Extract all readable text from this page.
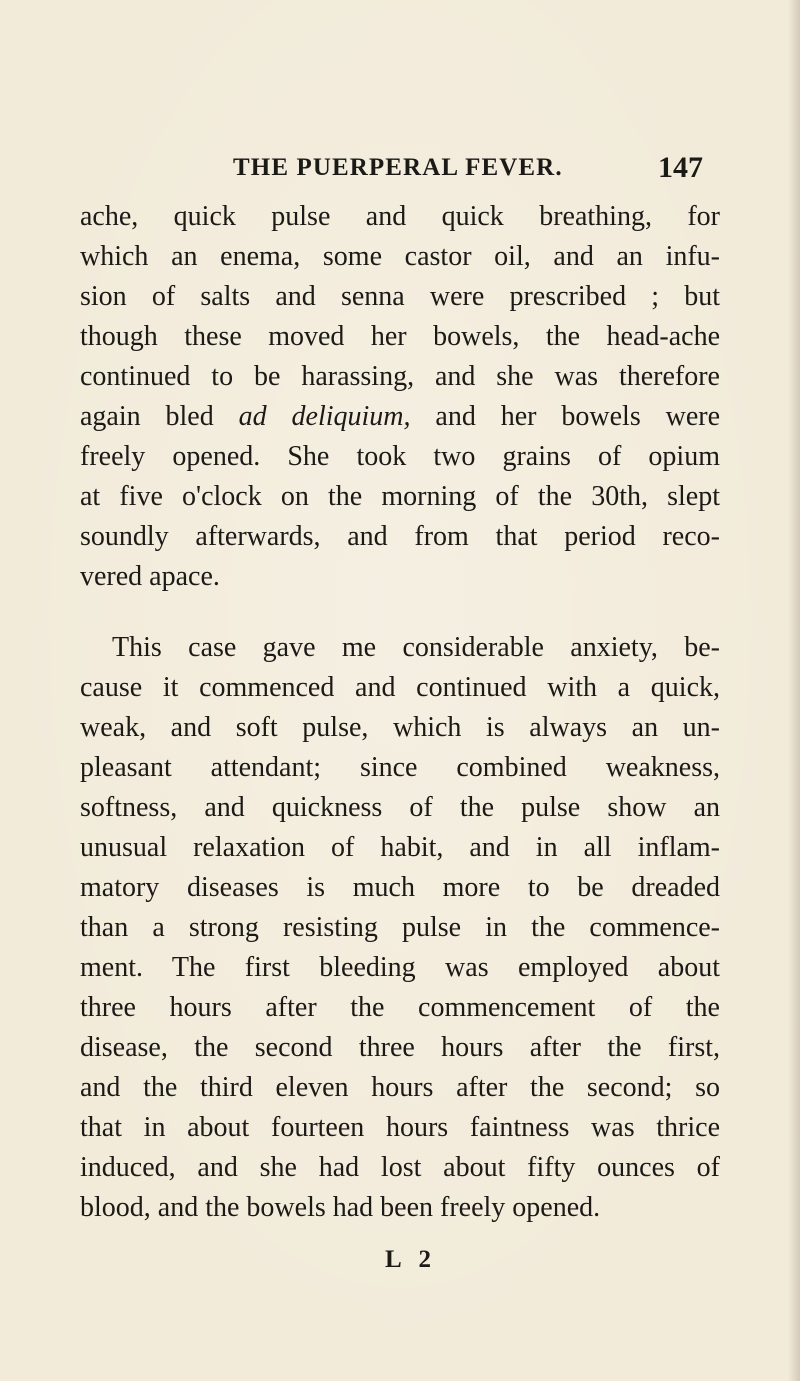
THE PUERPERAL FEVER.	147
ache, quick pulse and quick breathing, for
which an enema, some castor oil, and an infu-
sion of salts and senna were prescribed ; but
though these moved her bowels, the head-ache
continued to be harassing, and she was therefore
again bled ad deliquium, and her bowels were
freely opened. She took two grains of opium
at five o'clock on the morning of the 30th, slept
soundly afterwards, and from that period reco-
vered apace.
This case gave me considerable anxiety, be-
cause it commenced and continued with a quick,
weak, and soft pulse, which is always an un-
pleasant attendant; since combined weakness,
softness, and quickness of the pulse show an
unusual relaxation of habit, and in all inflam-
matory diseases is much more to be dreaded
than a strong resisting pulse in the commence-
ment. The first bleeding was employed about
three hours after the commencement of the
disease, the second three hours after the first,
and the third eleven hours after the second; so
that in about fourteen hours faintness was thrice
induced, and she had lost about fifty ounces of
blood, and the bowels had been freely opened.
L 2
